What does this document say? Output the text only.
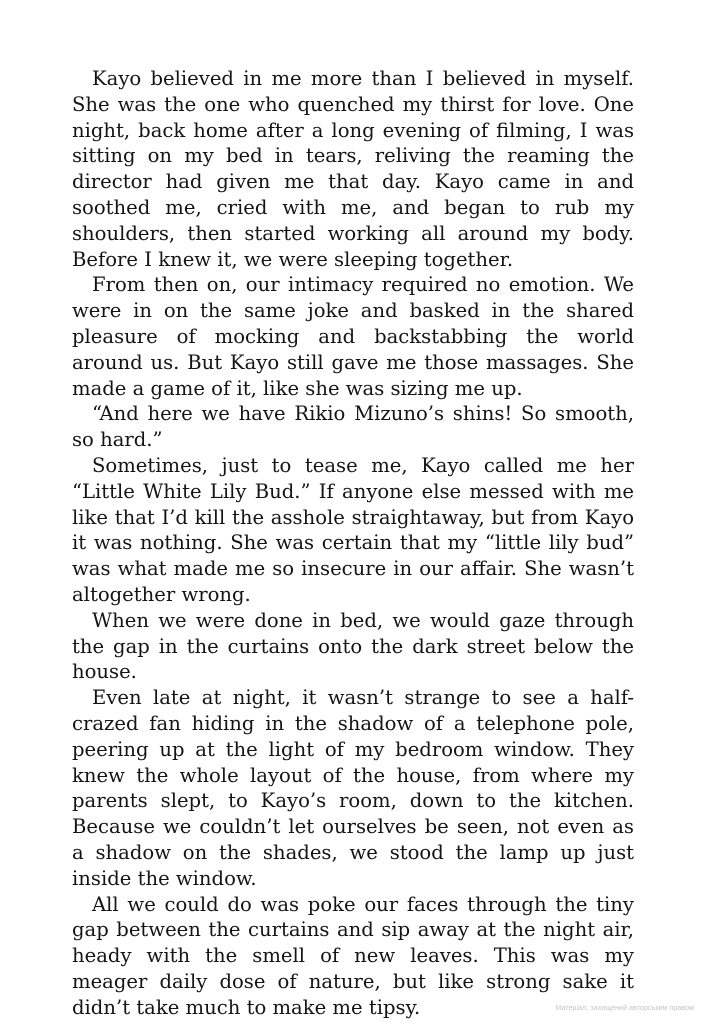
Kayo believed in me more than I believed in myself. She was the one who quenched my thirst for love. One night, back home after a long evening of filming, I was sitting on my bed in tears, reliving the reaming the director had given me that day. Kayo came in and soothed me, cried with me, and began to rub my shoulders, then started working all around my body. Before I knew it, we were sleeping together.

From then on, our intimacy required no emotion. We were in on the same joke and basked in the shared pleasure of mocking and backstabbing the world around us. But Kayo still gave me those massages. She made a game of it, like she was sizing me up.

“And here we have Rikio Mizuno’s shins! So smooth, so hard.”

Sometimes, just to tease me, Kayo called me her “Little White Lily Bud.” If anyone else messed with me like that I’d kill the asshole straightaway, but from Kayo it was nothing. She was certain that my “little lily bud” was what made me so insecure in our affair. She wasn’t altogether wrong.

When we were done in bed, we would gaze through the gap in the curtains onto the dark street below the house.

Even late at night, it wasn’t strange to see a half-crazed fan hiding in the shadow of a telephone pole, peering up at the light of my bedroom window. They knew the whole layout of the house, from where my parents slept, to Kayo’s room, down to the kitchen. Because we couldn’t let ourselves be seen, not even as a shadow on the shades, we stood the lamp up just inside the window.

All we could do was poke our faces through the tiny gap between the curtains and sip away at the night air, heady with the smell of new leaves. This was my meager daily dose of nature, but like strong sake it didn’t take much to make me tipsy.	Матеріал, захищений авторським правом
